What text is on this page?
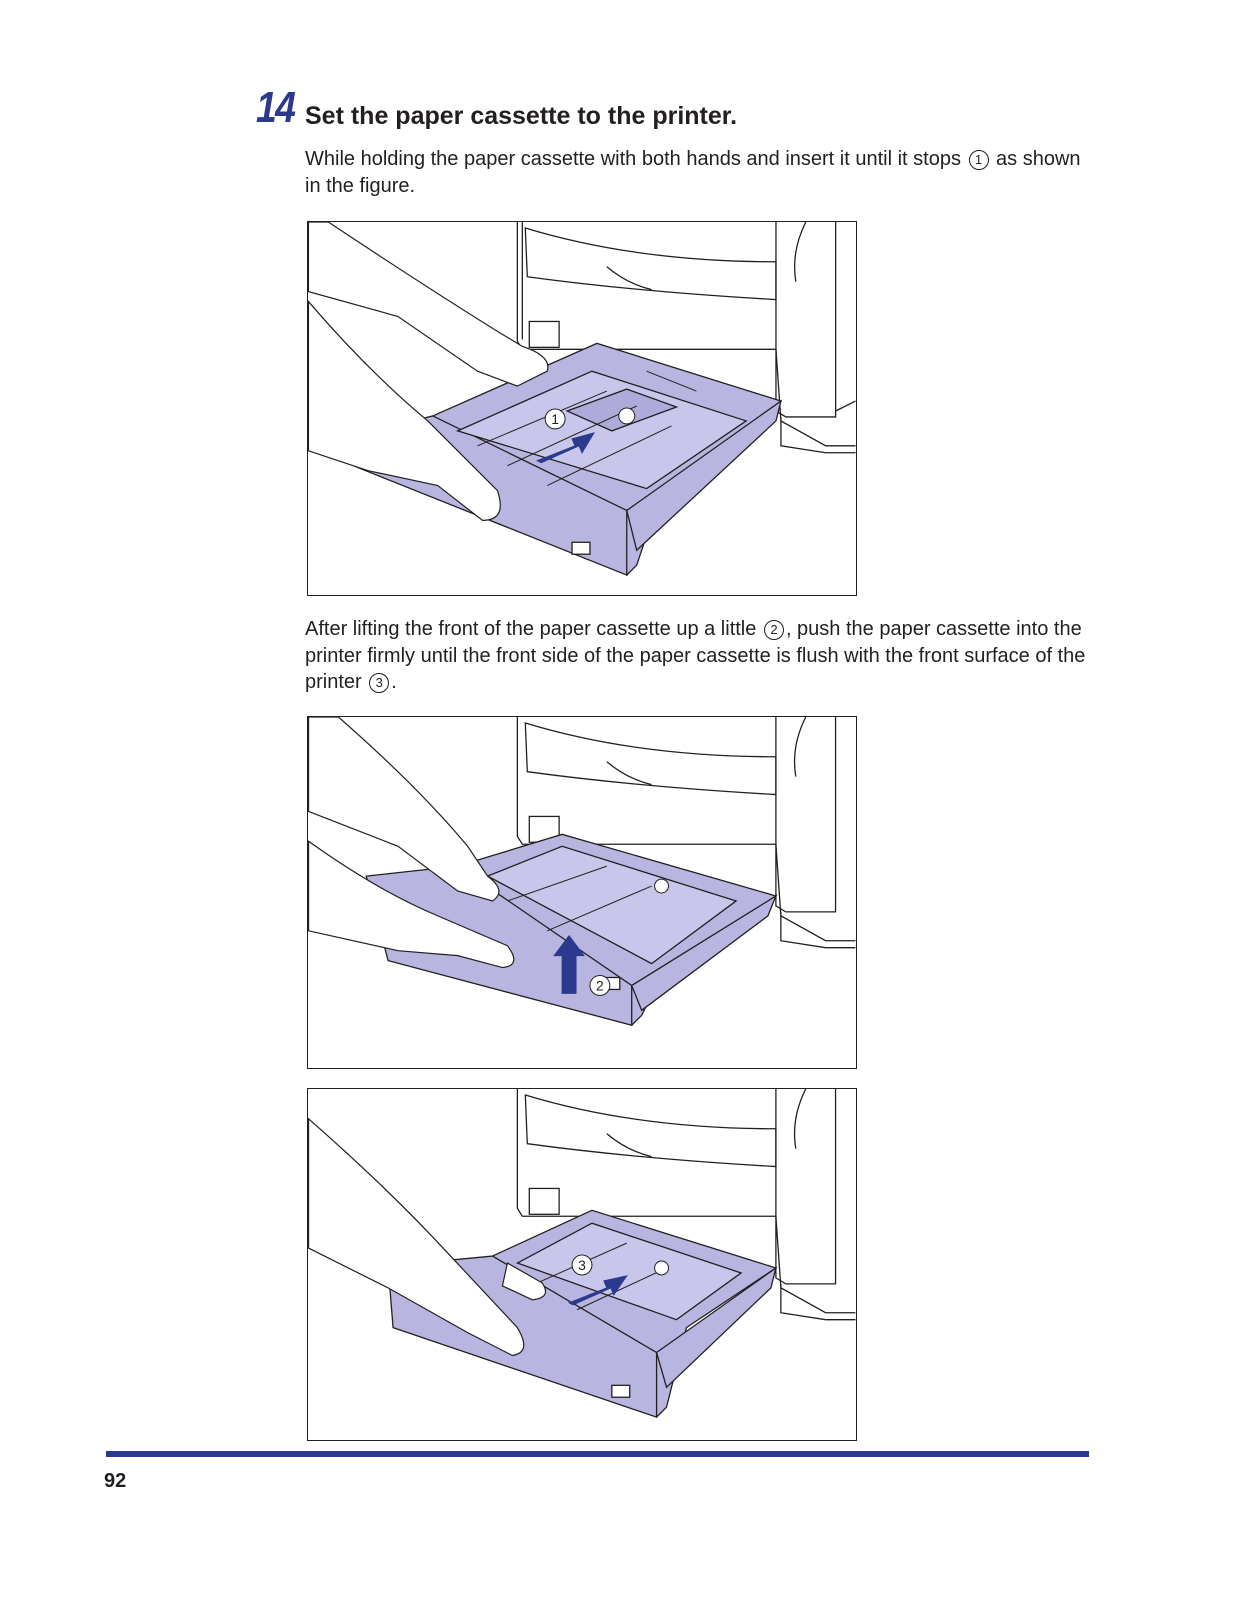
14 Set the paper cassette to the printer.
While holding the paper cassette with both hands and insert it until it stops 1 as shown in the figure.
1
After lifting the front of the paper cassette up a little 2 , push the paper cassette into the printer firmly until the front side of the paper cassette is flush with the front surface of the printer 3 .
2
3
92
